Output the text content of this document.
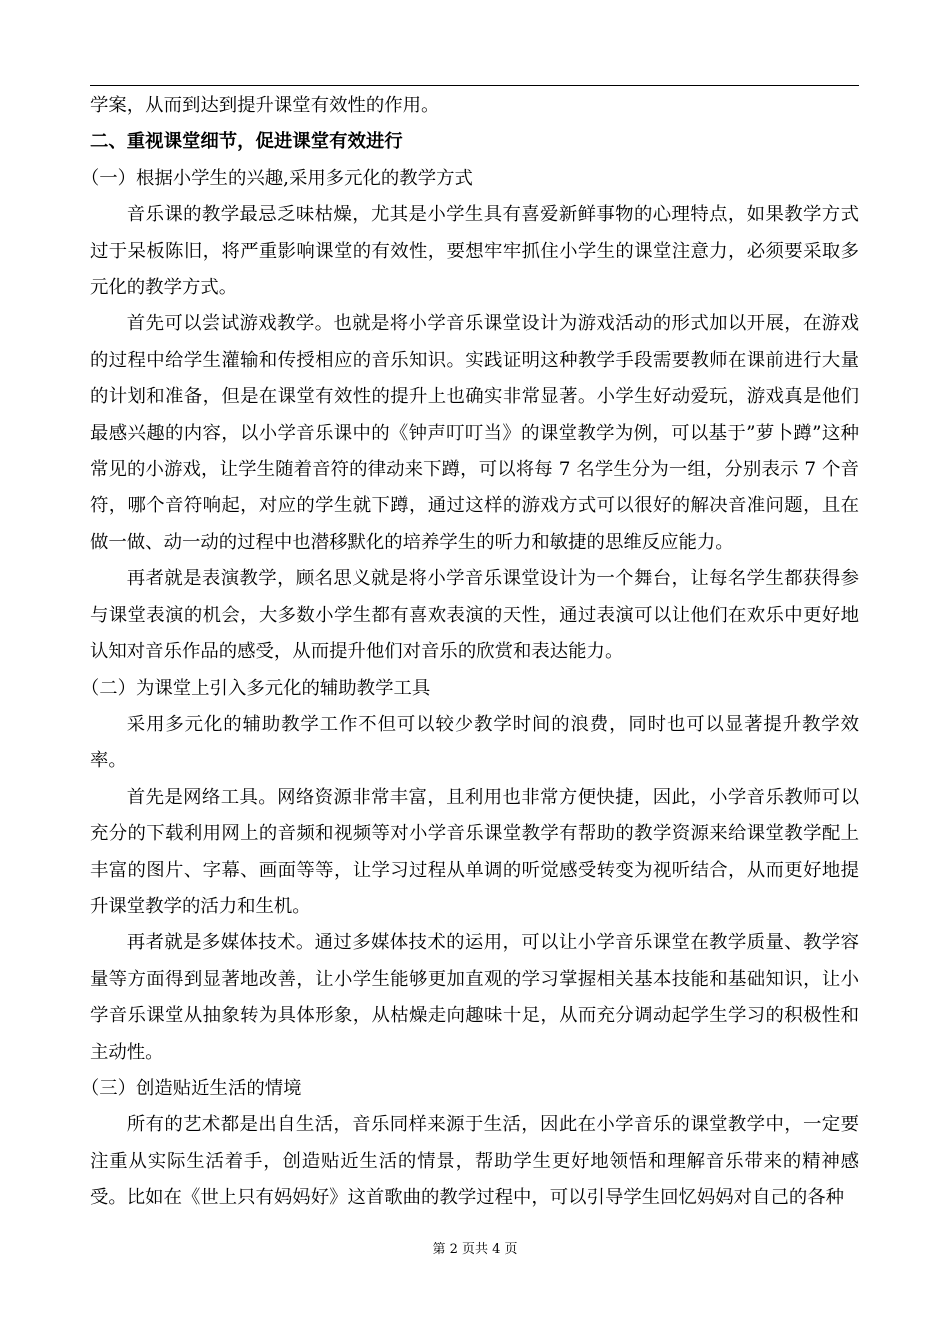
学案，从而到达到提升课堂有效性的作用。

二、重视课堂细节，促进课堂有效进行

（一）根据小学生的兴趣,采用多元化的教学方式

音乐课的教学最忌乏味枯燥，尤其是小学生具有喜爱新鲜事物的心理特点，如果教学方式过于呆板陈旧，将严重影响课堂的有效性，要想牢牢抓住小学生的课堂注意力，必须要采取多元化的教学方式。

首先可以尝试游戏教学。也就是将小学音乐课堂设计为游戏活动的形式加以开展，在游戏的过程中给学生灌输和传授相应的音乐知识。实践证明这种教学手段需要教师在课前进行大量的计划和准备，但是在课堂有效性的提升上也确实非常显著。小学生好动爱玩，游戏真是他们最感兴趣的内容，以小学音乐课中的《钟声叮叮当》的课堂教学为例，可以基于”萝卜蹲”这种常见的小游戏，让学生随着音符的律动来下蹲，可以将每 7 名学生分为一组，分别表示 7 个音符，哪个音符响起，对应的学生就下蹲，通过这样的游戏方式可以很好的解决音准问题，且在做一做、动一动的过程中也潜移默化的培养学生的听力和敏捷的思维反应能力。

再者就是表演教学，顾名思义就是将小学音乐课堂设计为一个舞台，让每名学生都获得参与课堂表演的机会，大多数小学生都有喜欢表演的天性，通过表演可以让他们在欢乐中更好地认知对音乐作品的感受，从而提升他们对音乐的欣赏和表达能力。

（二）为课堂上引入多元化的辅助教学工具

采用多元化的辅助教学工作不但可以较少教学时间的浪费，同时也可以显著提升教学效率。

首先是网络工具。网络资源非常丰富，且利用也非常方便快捷，因此，小学音乐教师可以充分的下载利用网上的音频和视频等对小学音乐课堂教学有帮助的教学资源来给课堂教学配上丰富的图片、字幕、画面等等，让学习过程从单调的听觉感受转变为视听结合，从而更好地提升课堂教学的活力和生机。

再者就是多媒体技术。通过多媒体技术的运用，可以让小学音乐课堂在教学质量、教学容量等方面得到显著地改善，让小学生能够更加直观的学习掌握相关基本技能和基础知识，让小学音乐课堂从抽象转为具体形象，从枯燥走向趣味十足，从而充分调动起学生学习的积极性和主动性。

（三）创造贴近生活的情境

所有的艺术都是出自生活，音乐同样来源于生活，因此在小学音乐的课堂教学中，一定要注重从实际生活着手，创造贴近生活的情景，帮助学生更好地领悟和理解音乐带来的精神感受。比如在《世上只有妈妈好》这首歌曲的教学过程中，可以引导学生回忆妈妈对自己的各种

第 2 页共 4 页
